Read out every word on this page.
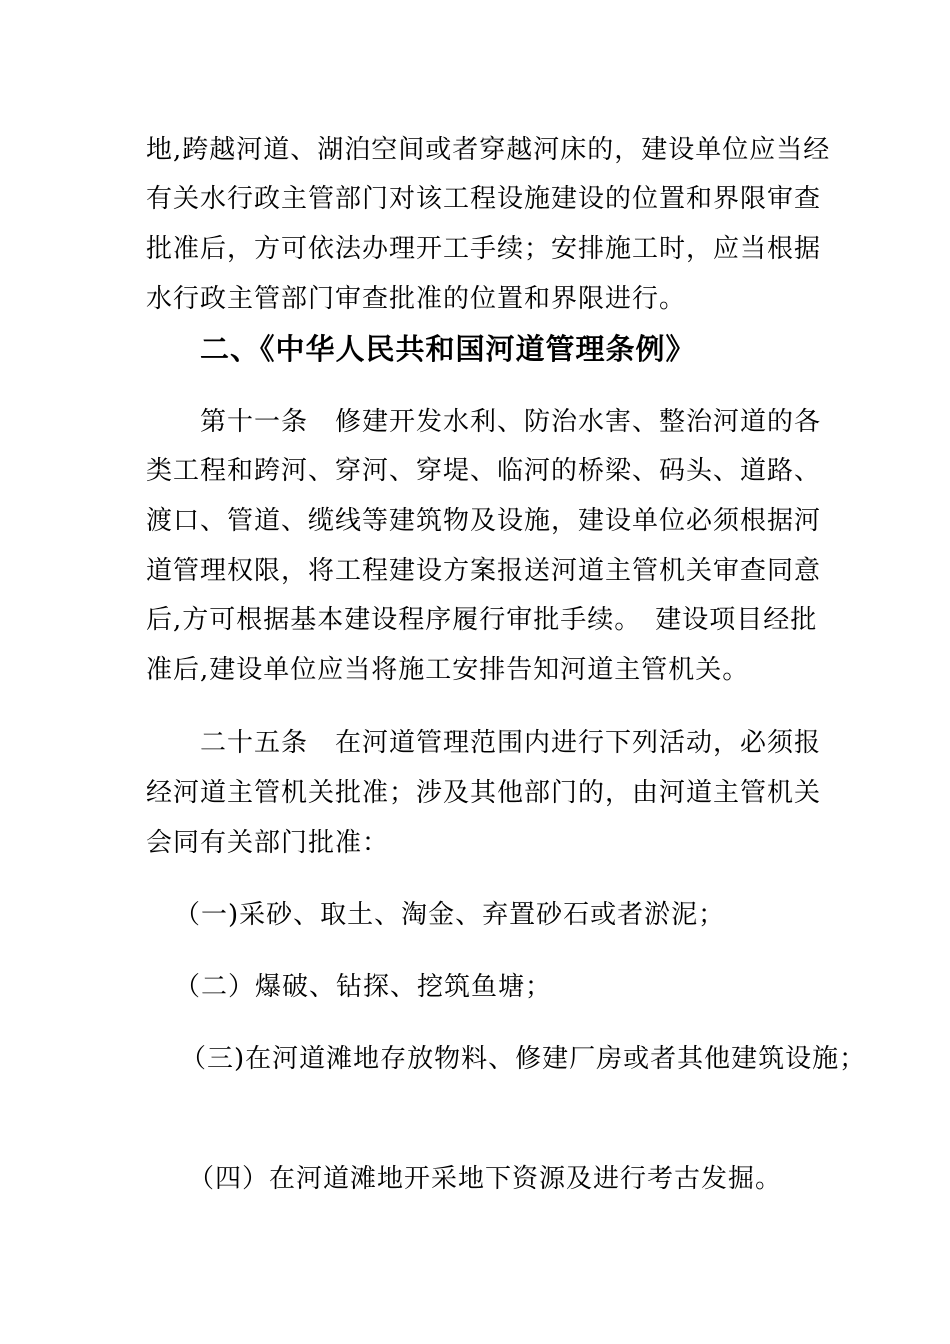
地,跨越河道、湖泊空间或者穿越河床的，建设单位应当经
有关水行政主管部门对该工程设施建设的位置和界限审查
批准后，方可依法办理开工手续；安排施工时，应当根据
水行政主管部门审查批准的位置和界限进行。
二、《中华人民共和国河道管理条例》
第十一条　修建开发水利、防治水害、整治河道的各
类工程和跨河、穿河、穿堤、临河的桥梁、码头、道路、
渡口、管道、缆线等建筑物及设施，建设单位必须根据河
道管理权限，将工程建设方案报送河道主管机关审查同意
后,方可根据基本建设程序履行审批手续。　建设项目经批
准后,建设单位应当将施工安排告知河道主管机关。
二十五条　在河道管理范围内进行下列活动，必须报
经河道主管机关批准；涉及其他部门的，由河道主管机关
会同有关部门批准：
（一)采砂、取土、淘金、弃置砂石或者淤泥；
（二）爆破、钻探、挖筑鱼塘；
（三)在河道滩地存放物料、修建厂房或者其他建筑设施；
（四）在河道滩地开采地下资源及进行考古发掘。
